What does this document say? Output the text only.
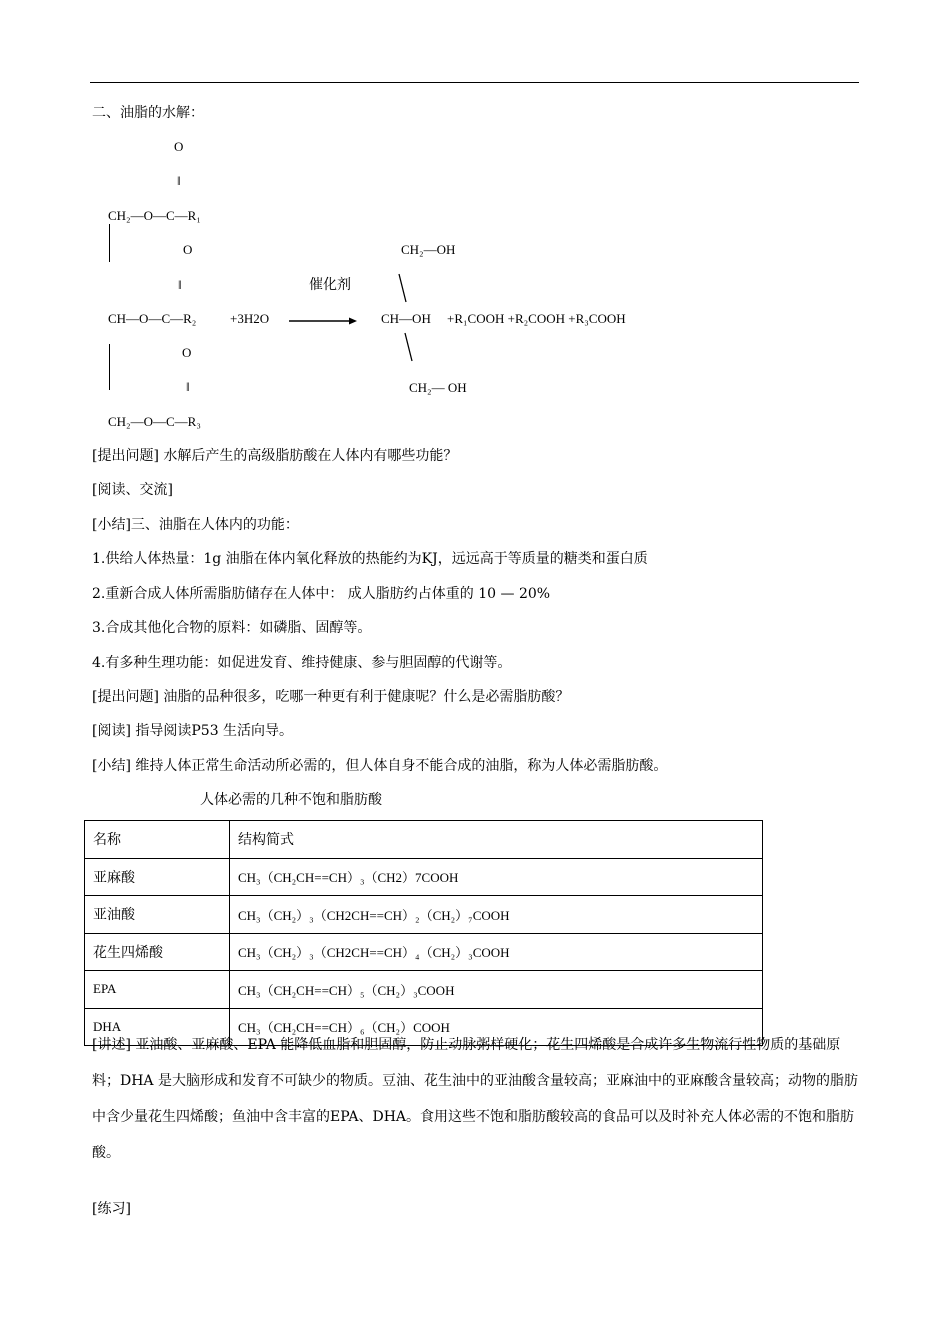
二、油脂的水解：
O
‖
CH₂—O—C—R₁
O
‖
CH—O—C—R₂	+3H2O
催化剂
O
‖
CH₂—O—C—R₃
CH₂—OH
CH—OH
CH₂— OH
+R₁COOH +R₂COOH +R₃COOH
[提出问题] 水解后产生的高级脂肪酸在人体内有哪些功能？
[阅读、交流]
[小结]三、油脂在人体内的功能：
1.供给人体热量：1g 油脂在体内氧化释放的热能约为KJ，远远高于等质量的糖类和蛋白质
2.重新合成人体所需脂肪储存在人体中： 成人脂肪约占体重的 10 — 20%
3.合成其他化合物的原料：如磷脂、固醇等。
4.有多种生理功能：如促进发育、维持健康、参与胆固醇的代谢等。
[提出问题] 油脂的品种很多，吃哪一种更有利于健康呢？什么是必需脂肪酸？
[阅读] 指导阅读P53 生活向导。
[小结] 维持人体正常生命活动所必需的，但人体自身不能合成的油脂，称为人体必需脂肪酸。
人体必需的几种不饱和脂肪酸
名称	结构简式
亚麻酸	CH₃（CH₂CH==CH）₃（CH2）7COOH
亚油酸	CH₃（CH₂）₃（CH2CH==CH）₂（CH₂）₇COOH
花生四烯酸	CH₃（CH₂）₃（CH2CH==CH）₄（CH₂）₃COOH
EPA	CH₃（CH₂CH==CH）₅（CH₂）₃COOH
DHA	CH₃（CH₂CH==CH）₆（CH₂）COOH
[讲述] 亚油酸、亚麻酸、EPA 能降低血脂和胆固醇，防止动脉粥样硬化；花生四烯酸是合成许多生物流行性物质的基础原料；DHA 是大脑形成和发育不可缺少的物质。豆油、花生油中的亚油酸含量较高；亚麻油中的亚麻酸含量较高；动物的脂肪中含少量花生四烯酸；鱼油中含丰富的EPA、DHA。食用这些不饱和脂肪酸较高的食品可以及时补充人体必需的不饱和脂肪酸。
[练习]
